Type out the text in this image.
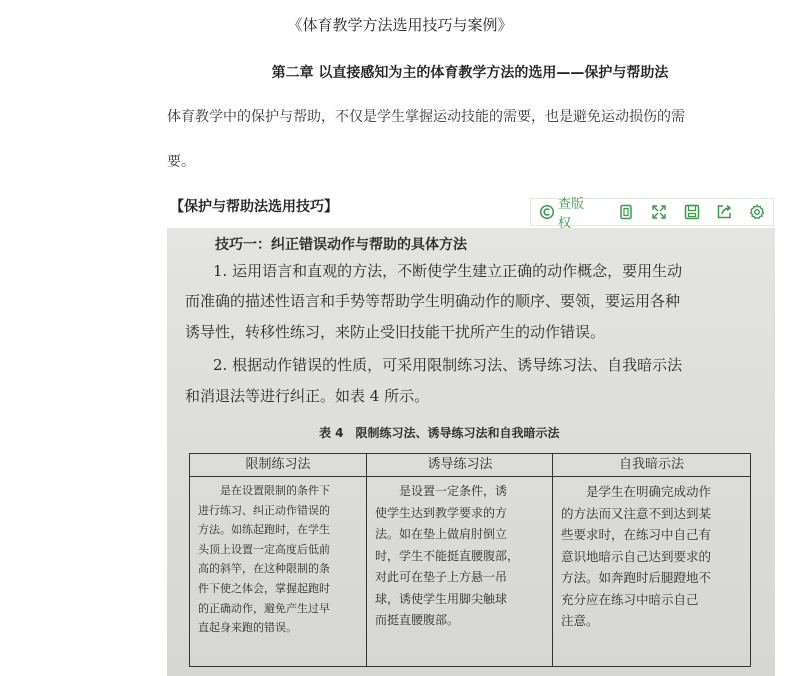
《体育教学方法选用技巧与案例》
第二章 以直接感知为主的体育教学方法的选用——保护与帮助法
体育教学中的保护与帮助，不仅是学生掌握运动技能的需要，也是避免运动损伤的需
要。
【保护与帮助法选用技巧】
技巧一：纠正错误动作与帮助的具体方法
1. 运用语言和直观的方法，不断使学生建立正确的动作概念，要用生动
而准确的描述性语言和手势等帮助学生明确动作的顺序、要领，要运用各种
诱导性，转移性练习，来防止受旧技能干扰所产生的动作错误。
2. 根据动作错误的性质，可采用限制练习法、诱导练习法、自我暗示法
和消退法等进行纠正。如表 4 所示。
表 4　限制练习法、诱导练习法和自我暗示法
限制练习法
　　是在设置限制的条件下
进行练习、纠正动作错误的
方法。如练起跑时，在学生
头顶上设置一定高度后低前
高的斜竿，在这种限制的条
件下使之体会，掌握起跑时
的正确动作，避免产生过早
直起身来跑的错误。
诱导练习法
　　是设置一定条件，诱
使学生达到教学要求的方
法。如在垫上做肩肘倒立
时，学生不能挺直腰腹部，
对此可在垫子上方悬一吊
球，诱使学生用脚尖触球
而挺直腰腹部。
自我暗示法
　　是学生在明确完成动作
的方法而又注意不到达到某
些要求时，在练习中自己有
意识地暗示自己达到要求的
方法。如奔跑时后腿蹬地不
充分应在练习中暗示自己
注意。
查版权
